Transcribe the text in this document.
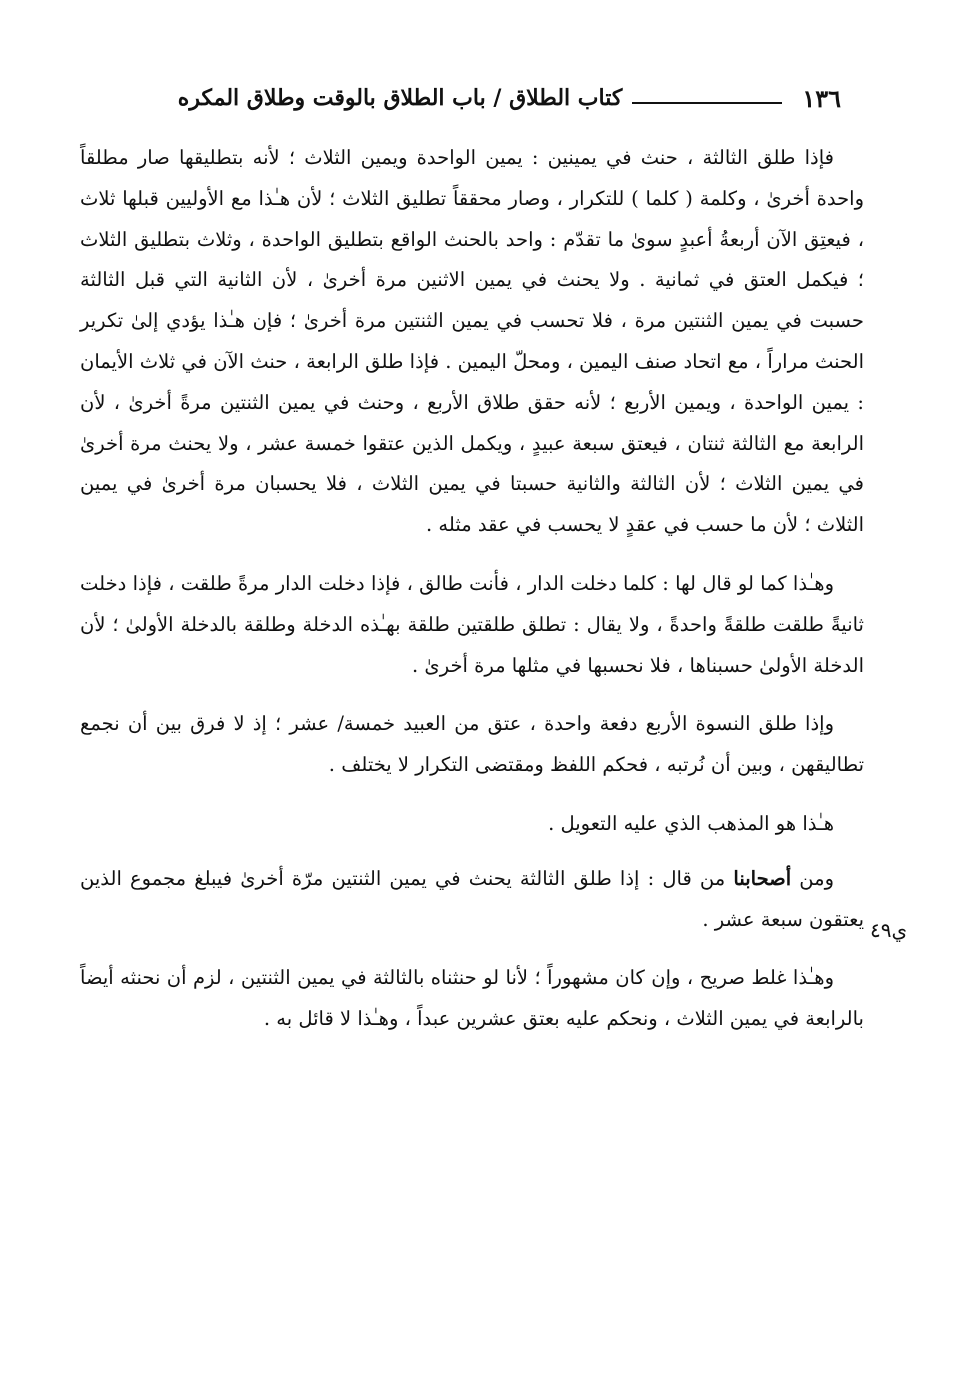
١٣٦
كتاب الطلاق / باب الطلاق بالوقت وطلاق المكره
ي٤٩

فإذا طلق الثالثة ، حنث في يمينين : يمين الواحدة ويمين الثلاث ؛ لأنه بتطليقها صار مطلقاً واحدة أخرىٰ ، وكلمة ( كلما ) للتكرار ، وصار محققاً تطليق الثلاث ؛ لأن هـٰذا مع الأوليين قبلها ثلاث ، فيعتِق الآن أربعةُ أعبدٍ سوىٰ ما تقدّم : واحد بالحنث الواقع بتطليق الواحدة ، وثلاث بتطليق الثلاث ؛ فيكمل العتق في ثمانية . ولا يحنث في يمين الاثنين مرة أخرىٰ ، لأن الثانية التي قبل الثالثة حسبت في يمين الثنتين مرة ، فلا تحسب في يمين الثنتين مرة أخرىٰ ؛ فإن هـٰذا يؤدي إلىٰ تكرير الحنث مراراً ، مع اتحاد صنف اليمين ، ومحلّ اليمين . فإذا طلق الرابعة ، حنث الآن في ثلاث الأيمان : يمين الواحدة ، ويمين الأربع ؛ لأنه حقق طلاق الأربع ، وحنث في يمين الثنتين مرةً أخرىٰ ، لأن الرابعة مع الثالثة ثنتان ، فيعتق سبعة عبيدٍ ، ويكمل الذين عتقوا خمسة عشر ، ولا يحنث مرة أخرىٰ في يمين الثلاث ؛ لأن الثالثة والثانية حسبتا في يمين الثلاث ، فلا يحسبان مرة أخرىٰ في يمين الثلاث ؛ لأن ما حسب في عقدٍ لا يحسب في عقد مثله .

وهـٰذا كما لو قال لها : كلما دخلت الدار ، فأنت طالق ، فإذا دخلت الدار مرةً طلقت ، فإذا دخلت ثانيةً طلقت طلقةً واحدةً ، ولا يقال : تطلق طلقتين طلقة بهـٰذه الدخلة وطلقة بالدخلة الأولىٰ ؛ لأن الدخلة الأولىٰ حسبناها ، فلا نحسبها في مثلها مرة أخرىٰ .

وإذا طلق النسوة الأربع دفعة واحدة ، عتق من العبيد خمسة/ عشر ؛ إذ لا فرق بين أن نجمع تطاليقهن ، وبين أن نُرتبه ، فحكم اللفظ ومقتضى التكرار لا يختلف .

هـٰذا هو المذهب الذي عليه التعويل .

ومن أصحابنا من قال : إذا طلق الثالثة يحنث في يمين الثنتين مرّة أخرىٰ فيبلغ مجموع الذين يعتقون سبعة عشر .

وهـٰذا غلط صريح ، وإن كان مشهوراً ؛ لأنا لو حنثناه بالثالثة في يمين الثنتين ، لزم أن نحنثه أيضاً بالرابعة في يمين الثلاث ، ونحكم عليه بعتق عشرين عبداً ، وهـٰذا لا قائل به .
